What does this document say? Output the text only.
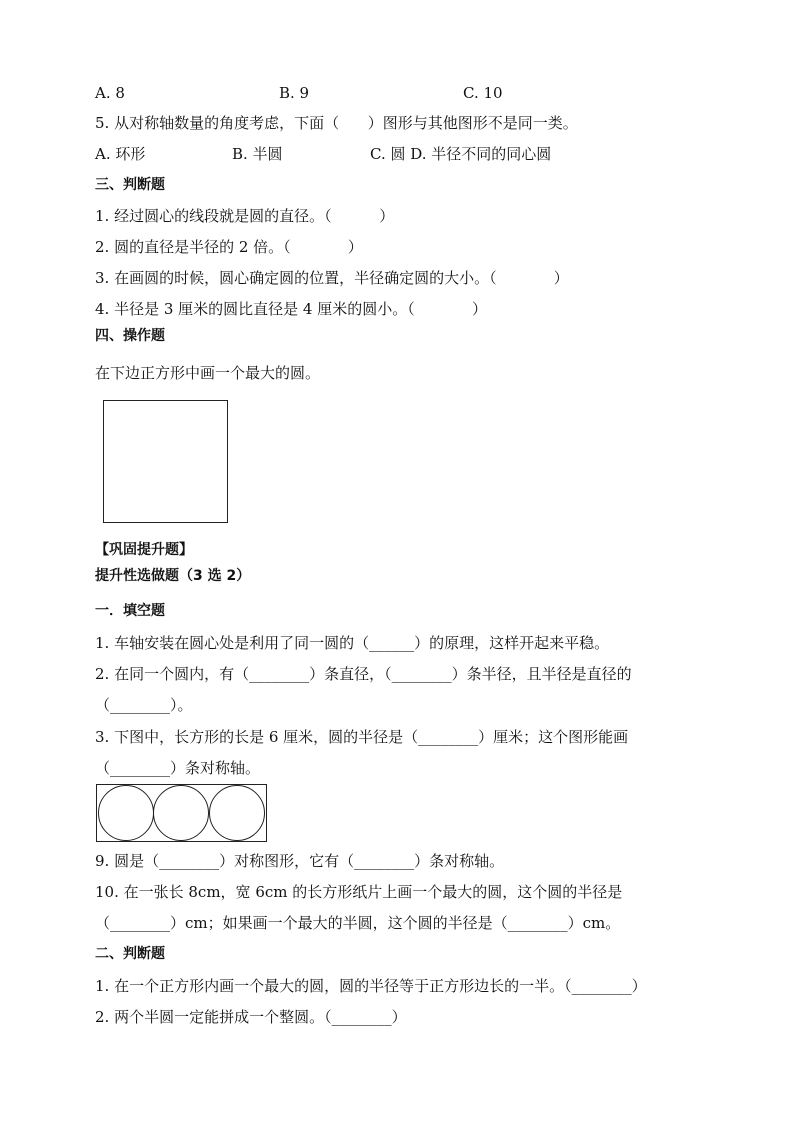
A. 8	B. 9	C. 10
5. 从对称轴数量的角度考虑，下面（      ）图形与其他图形不是同一类。
A. 环形	B. 半圆	C. 圆 D. 半径不同的同心圆
三、判断题
1. 经过圆心的线段就是圆的直径。（          ）
2. 圆的直径是半径的 2 倍。（            ）
3. 在画圆的时候，圆心确定圆的位置，半径确定圆的大小。（            ）
4. 半径是 3 厘米的圆比直径是 4 厘米的圆小。（            ）
四、操作题
在下边正方形中画一个最大的圆。
【巩固提升题】
提升性选做题（3 选 2）
一．填空题
1. 车轴安装在圆心处是利用了同一圆的（______）的原理，这样开起来平稳。
2. 在同一个圆内，有（________）条直径，（________）条半径，且半径是直径的
（________）。
3. 下图中，长方形的长是 6 厘米，圆的半径是（________）厘米；这个图形能画
（________）条对称轴。
9. 圆是（________）对称图形，它有（________）条对称轴。
10. 在一张长 8cm，宽 6cm 的长方形纸片上画一个最大的圆，这个圆的半径是
（________）cm；如果画一个最大的半圆，这个圆的半径是（________）cm。
二、判断题
1. 在一个正方形内画一个最大的圆，圆的半径等于正方形边长的一半。（________）
2. 两个半圆一定能拼成一个整圆。（________）
